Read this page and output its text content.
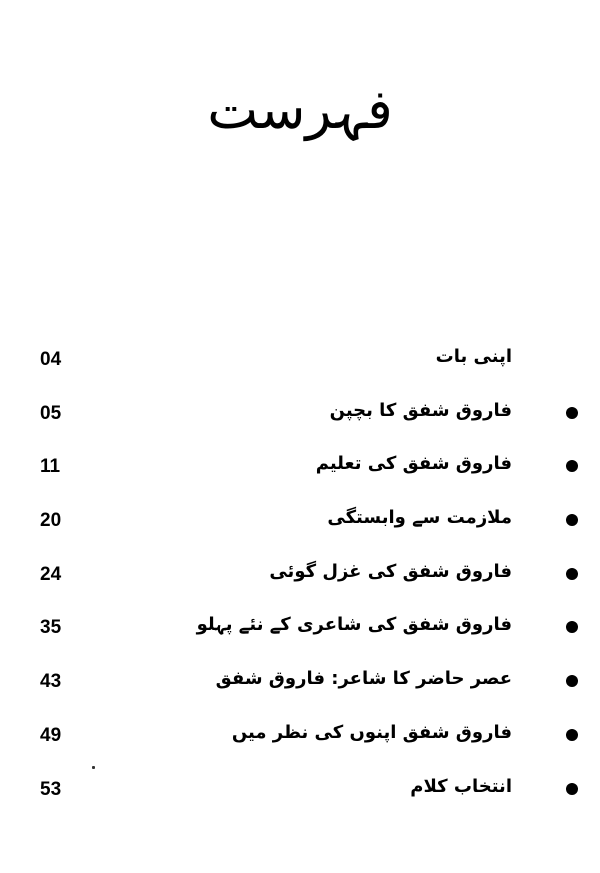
فہرست
04	اپنی بات
05	فاروق شفق کا بچپن
11	فاروق شفق کی تعلیم
20	ملازمت سے وابستگی
24	فاروق شفق کی غزل گوئی
35	فاروق شفق کی شاعری کے نئے پہلو
43	عصر حاضر کا شاعر: فاروق شفق
49	فاروق شفق اپنوں کی نظر میں
53	انتخاب کلام
